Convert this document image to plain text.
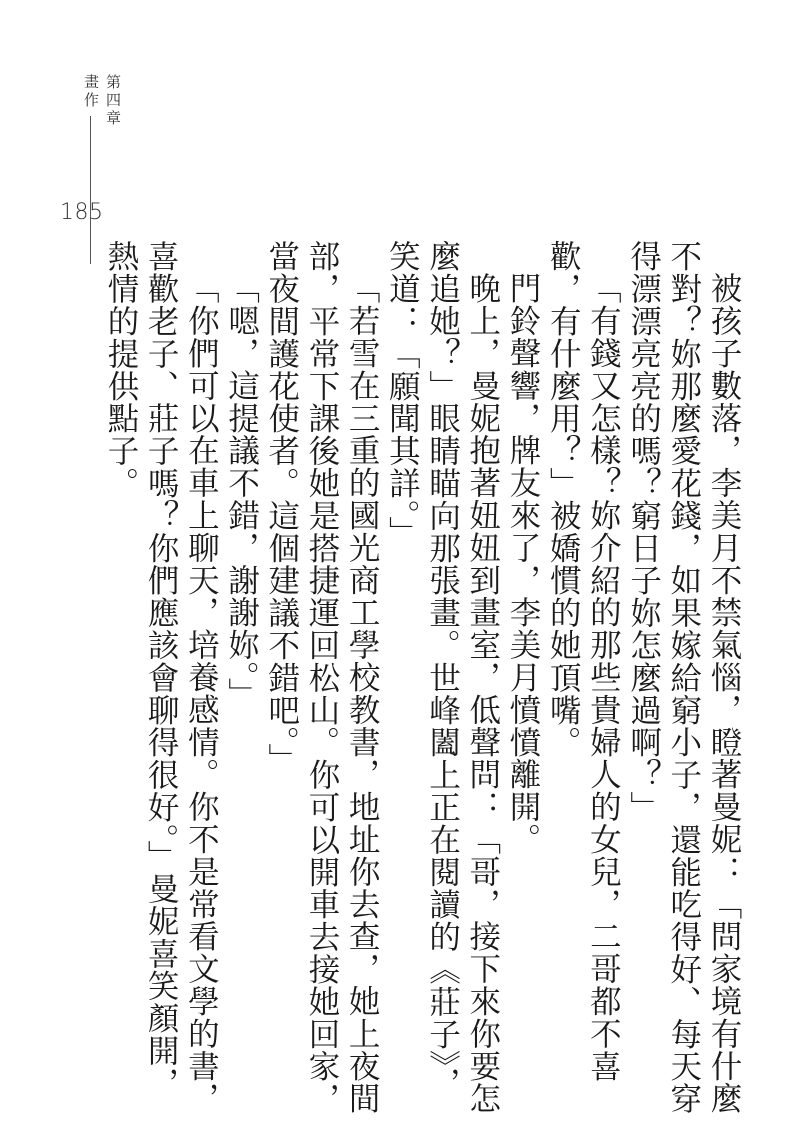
第四章
畫作
185

被孩子數落，李美月不禁氣惱，瞪著曼妮：「問家境有什麼不對？妳那麼愛花錢，如果嫁給窮小子，還能吃得好、每天穿得漂漂亮亮的嗎？窮日子妳怎麼過啊？」

「有錢又怎樣？妳介紹的那些貴婦人的女兒，二哥都不喜歡，有什麼用？」被嬌慣的她頂嘴。

門鈴聲響，牌友來了，李美月憤憤離開。

晚上，曼妮抱著妞妞到畫室，低聲問：「哥，接下來你要怎麼追她？」眼睛瞄向那張畫。世峰闔上正在閱讀的《莊子》，笑道：「願聞其詳。」

「若雪在三重的國光商工學校教書，地址你去查，她上夜間部，平常下課後她是搭捷運回松山。你可以開車去接她回家，當夜間護花使者。這個建議不錯吧。」

「嗯，這提議不錯，謝謝妳。」

「你們可以在車上聊天，培養感情。你不是常看文學的書，喜歡老子、莊子嗎？你們應該會聊得很好。」曼妮喜笑顏開，熱情的提供點子。
